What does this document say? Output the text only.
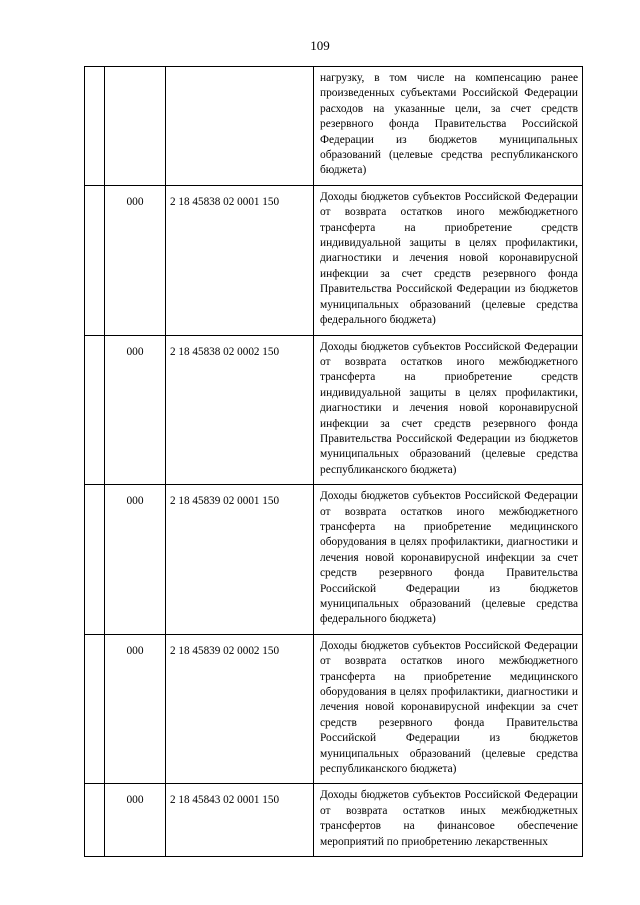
109

			нагрузку, в том числе на компенсацию ранее произведенных субъектами Российской Федерации расходов на указанные цели, за счет средств резервного фонда Правительства Российской Федерации из бюджетов муниципальных образований (целевые средства республиканского бюджета)

	000	2 18 45838 02 0001 150	Доходы бюджетов субъектов Российской Федерации от возврата остатков иного межбюджетного трансферта на приобретение средств индивидуальной защиты в целях профилактики, диагностики и лечения новой коронавирусной инфекции за счет средств резервного фонда Правительства Российской Федерации из бюджетов муниципальных образований (целевые средства федерального бюджета)

	000	2 18 45838 02 0002 150	Доходы бюджетов субъектов Российской Федерации от возврата остатков иного межбюджетного трансферта на приобретение средств индивидуальной защиты в целях профилактики, диагностики и лечения новой коронавирусной инфекции за счет средств резервного фонда Правительства Российской Федерации из бюджетов муниципальных образований (целевые средства республиканского бюджета)

	000	2 18 45839 02 0001 150	Доходы бюджетов субъектов Российской Федерации от возврата остатков иного межбюджетного трансферта на приобретение медицинского оборудования в целях профилактики, диагностики и лечения новой коронавирусной инфекции за счет средств резервного фонда Правительства Российской Федерации из бюджетов муниципальных образований (целевые средства федерального бюджета)

	000	2 18 45839 02 0002 150	Доходы бюджетов субъектов Российской Федерации от возврата остатков иного межбюджетного трансферта на приобретение медицинского оборудования в целях профилактики, диагностики и лечения новой коронавирусной инфекции за счет средств резервного фонда Правительства Российской Федерации из бюджетов муниципальных образований (целевые средства республиканского бюджета)

	000	2 18 45843 02 0001 150	Доходы бюджетов субъектов Российской Федерации от возврата остатков иных межбюджетных трансфертов на финансовое обеспечение мероприятий по приобретению лекарственных
